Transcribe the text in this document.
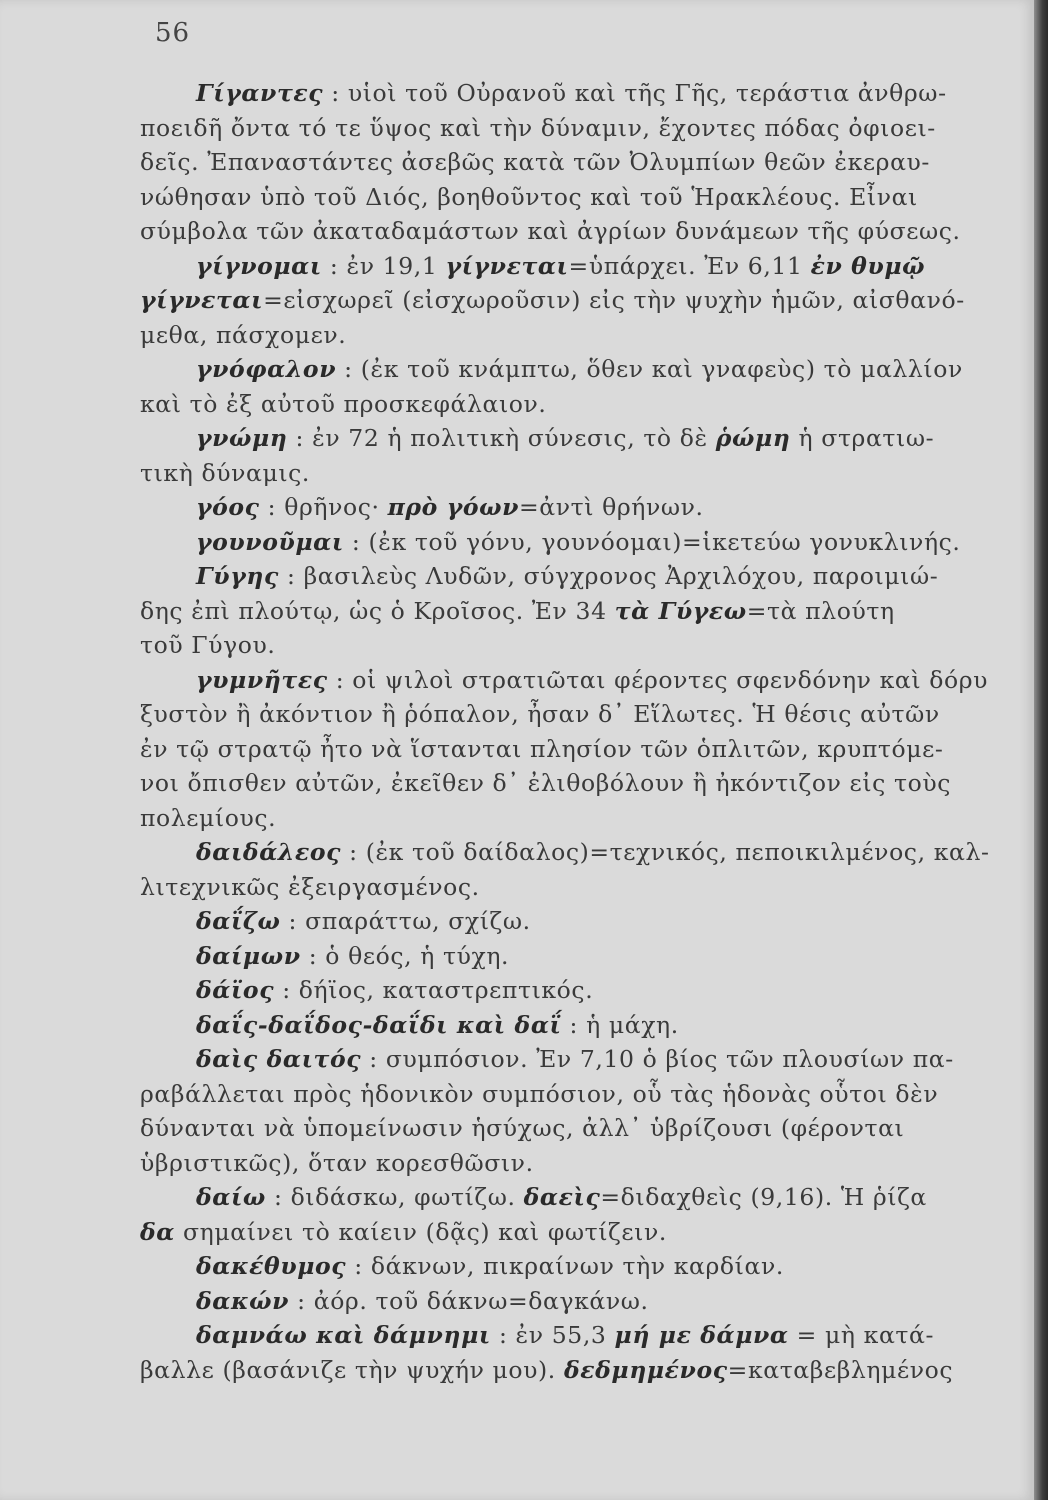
56
Γίγαντες : υἱοὶ τοῦ Οὐρανοῦ καὶ τῆς Γῆς, τεράστια ἀνθρω-
ποειδῆ ὄντα τό τε ὕψος καὶ τὴν δύναμιν, ἔχοντες πόδας ὀφιοει-
δεῖς. Ἐπαναστάντες ἀσεβῶς κατὰ τῶν Ὀλυμπίων θεῶν ἐκεραυ-
νώθησαν ὑπὸ τοῦ Διός, βοηθοῦντος καὶ τοῦ Ἡρακλέους. Εἶναι
σύμβολα τῶν ἀκαταδαμάστων καὶ ἀγρίων δυνάμεων τῆς φύσεως.
γίγνομαι : ἐν 19,1 γίγνεται=ὑπάρχει. Ἐν 6,11 ἐν θυμῷ
γίγνεται=εἰσχωρεῖ (εἰσχωροῦσιν) εἰς τὴν ψυχὴν ἡμῶν, αἰσθανό-
μεθα, πάσχομεν.
γνόφαλον : (ἐκ τοῦ κνάμπτω, ὅθεν καὶ γναφεὺς) τὸ μαλλίον
καὶ τὸ ἐξ αὐτοῦ προσκεφάλαιον.
γνώμη : ἐν 72 ἡ πολιτικὴ σύνεσις, τὸ δὲ ῥώμη ἡ στρατιω-
τικὴ δύναμις.
γόος : θρῆνος· πρὸ γόων=ἀντὶ θρήνων.
γουνοῦμαι : (ἐκ τοῦ γόνυ, γουνόομαι)=ἱκετεύω γονυκλινής.
Γύγης : βασιλεὺς Λυδῶν, σύγχρονος Ἀρχιλόχου, παροιμιώ-
δης ἐπὶ πλούτῳ, ὡς ὁ Κροῖσος. Ἐν 34 τὰ Γύγεω=τὰ πλούτη
τοῦ Γύγου.
γυμνῆτες : οἱ ψιλοὶ στρατιῶται φέροντες σφενδόνην καὶ δόρυ
ξυστὸν ἢ ἀκόντιον ἢ ῥόπαλον, ἦσαν δ᾽ Εἵλωτες. Ἡ θέσις αὐτῶν
ἐν τῷ στρατῷ ἦτο νὰ ἵστανται πλησίον τῶν ὁπλιτῶν, κρυπτόμε-
νοι ὄπισθεν αὐτῶν, ἐκεῖθεν δ᾽ ἐλιθοβόλουν ἢ ἠκόντιζον εἰς τοὺς
πολεμίους.
δαιδάλεος : (ἐκ τοῦ δαίδαλος)=τεχνικός, πεποικιλμένος, καλ-
λιτεχνικῶς ἐξειργασμένος.
δαΐζω : σπαράττω, σχίζω.
δαίμων : ὁ θεός, ἡ τύχη.
δάϊος : δήϊος, καταστρεπτικός.
δαΐς-δαΐδος-δαΐδι καὶ δαΐ : ἡ μάχη.
δαὶς δαιτός : συμπόσιον. Ἐν 7,10 ὁ βίος τῶν πλουσίων πα-
ραβάλλεται πρὸς ἡδονικὸν συμπόσιον, οὗ τὰς ἡδονὰς οὗτοι δὲν
δύνανται νὰ ὑπομείνωσιν ἡσύχως, ἀλλ᾽ ὑβρίζουσι (φέρονται
ὑβριστικῶς), ὅταν κορεσθῶσιν.
δαίω : διδάσκω, φωτίζω. δαεὶς=διδαχθεὶς (9,16). Ἡ ῥίζα
δα σημαίνει τὸ καίειν (δᾷς) καὶ φωτίζειν.
δακέθυμος : δάκνων, πικραίνων τὴν καρδίαν.
δακών : ἀόρ. τοῦ δάκνω=δαγκάνω.
δαμνάω καὶ δάμνημι : ἐν 55,3 μή με δάμνα = μὴ κατά-
βαλλε (βασάνιζε τὴν ψυχήν μου). δεδμημένος=καταβεβλημένος
